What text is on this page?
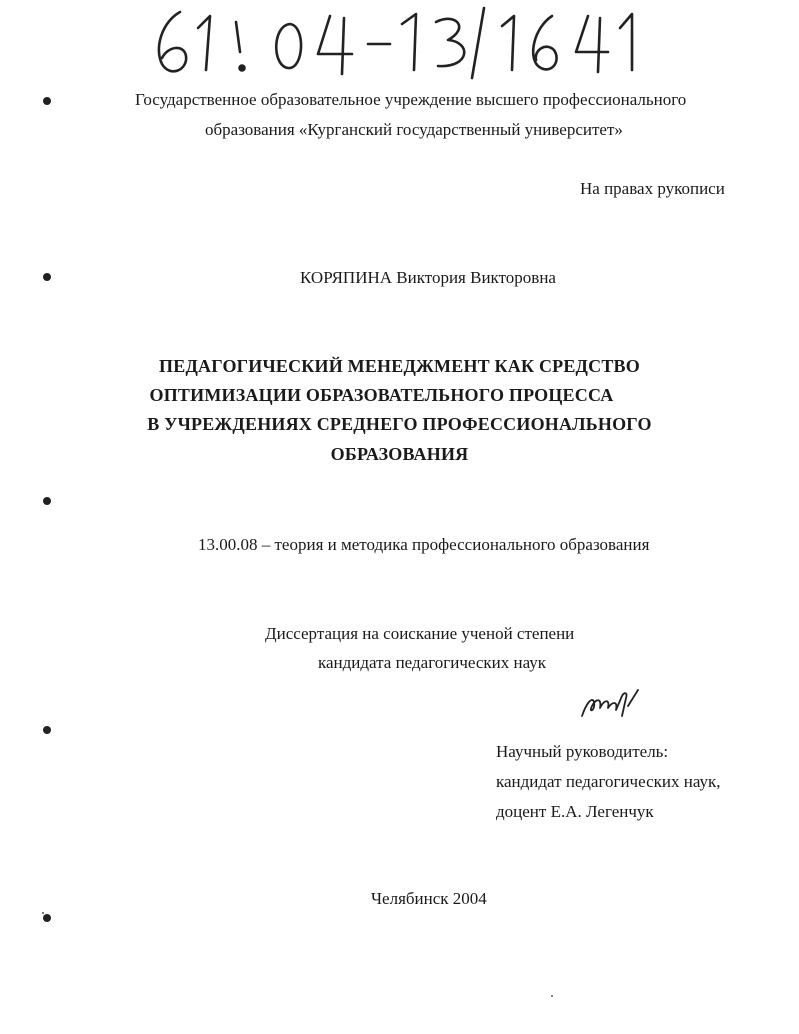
Государственное образовательное учреждение высшего профессионального
образования «Курганский государственный университет»
На правах рукописи
КОРЯПИНА Виктория Викторовна
ПЕДАГОГИЧЕСКИЙ МЕНЕДЖМЕНТ КАК СРЕДСТВО
ОПТИМИЗАЦИИ ОБРАЗОВАТЕЛЬНОГО ПРОЦЕССА
В УЧРЕЖДЕНИЯХ СРЕДНЕГО ПРОФЕССИОНАЛЬНОГО
ОБРАЗОВАНИЯ
13.00.08 – теория и методика профессионального образования
Диссертация на соискание ученой степени
кандидата педагогических наук
Научный руководитель:
кандидат педагогических наук,
доцент Е.А. Легенчук
Челябинск 2004
